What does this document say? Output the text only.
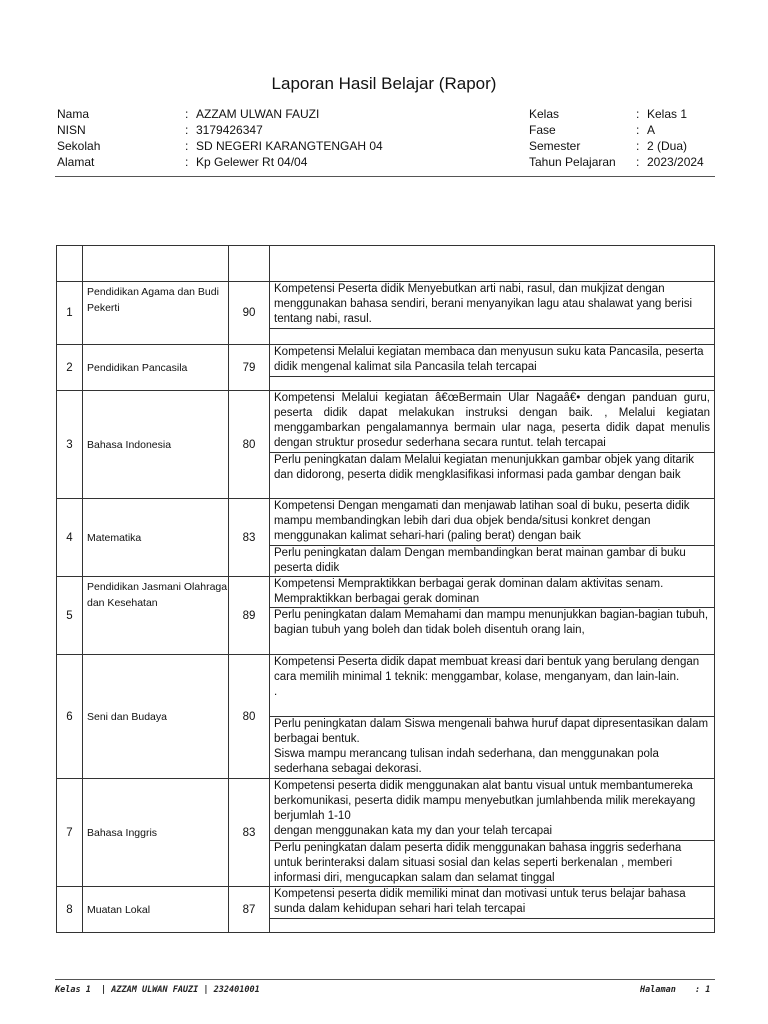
Laporan Hasil Belajar (Rapor)
Nama	: AZZAM ULWAN FAUZI
NISN	: 3179426347
Sekolah	: SD NEGERI KARANGTENGAH 04
Alamat	: Kp Gelewer Rt 04/04
Kelas	: Kelas 1
Fase	: A
Semester	: 2 (Dua)
Tahun Pelajaran : 2023/2024

1	Pendidikan Agama dan Budi Pekerti	90	Kompetensi Peserta didik Menyebutkan arti nabi, rasul, dan mukjizat dengan menggunakan bahasa sendiri, berani menyanyikan lagu atau shalawat yang berisi tentang nabi, rasul.

2	Pendidikan Pancasila	79	Kompetensi Melalui kegiatan membaca dan menyusun suku kata Pancasila, peserta didik mengenal kalimat sila Pancasila telah tercapai

3	Bahasa Indonesia	80	Kompetensi Melalui kegiatan â€œBermain Ular Nagaâ€• dengan panduan guru, peserta didik dapat melakukan instruksi dengan baik. , Melalui kegiatan menggambarkan pengalamannya bermain ular naga, peserta didik dapat menulis dengan struktur prosedur sederhana secara runtut. telah tercapai
			Perlu peningkatan dalam Melalui kegiatan menunjukkan gambar objek yang ditarik dan didorong, peserta didik mengklasifikasi informasi pada gambar dengan baik
4	Matematika	83	Kompetensi Dengan mengamati dan menjawab latihan soal di buku, peserta didik mampu membandingkan lebih dari dua objek benda/situsi konkret dengan menggunakan kalimat sehari-hari (paling berat) dengan baik
			Perlu peningkatan dalam Dengan membandingkan berat mainan gambar di buku peserta didik
5	Pendidikan Jasmani Olahraga dan Kesehatan	89	Kompetensi Mempraktikkan berbagai gerak dominan dalam aktivitas senam. Mempraktikkan berbagai gerak dominan
			Perlu peningkatan dalam Memahami dan mampu menunjukkan bagian-bagian tubuh, bagian tubuh yang boleh dan tidak boleh disentuh orang lain,
6	Seni dan Budaya	80	Kompetensi Peserta didik dapat membuat kreasi dari bentuk yang berulang dengan cara memilih minimal 1 teknik: menggambar, kolase, menganyam, dan lain-lain.
.
			Perlu peningkatan dalam Siswa mengenali bahwa huruf dapat dipresentasikan dalam berbagai bentuk.
Siswa mampu merancang tulisan indah sederhana, dan menggunakan pola sederhana sebagai dekorasi.
7	Bahasa Inggris	83	Kompetensi peserta didik menggunakan alat bantu visual untuk membantumereka berkomunikasi, peserta didik mampu menyebutkan jumlahbenda milik merekayang berjumlah 1-10
dengan menggunakan kata my dan your telah tercapai
			Perlu peningkatan dalam peserta didik menggunakan bahasa inggris sederhana untuk berinteraksi dalam situasi sosial dan kelas seperti berkenalan , memberi informasi diri, mengucapkan salam dan selamat tinggal
8	Muatan Lokal	87	Kompetensi peserta didik memiliki minat dan motivasi untuk terus belajar bahasa sunda dalam kehidupan sehari hari telah tercapai

Kelas 1  | AZZAM ULWAN FAUZI | 232401001	Halaman : 1
